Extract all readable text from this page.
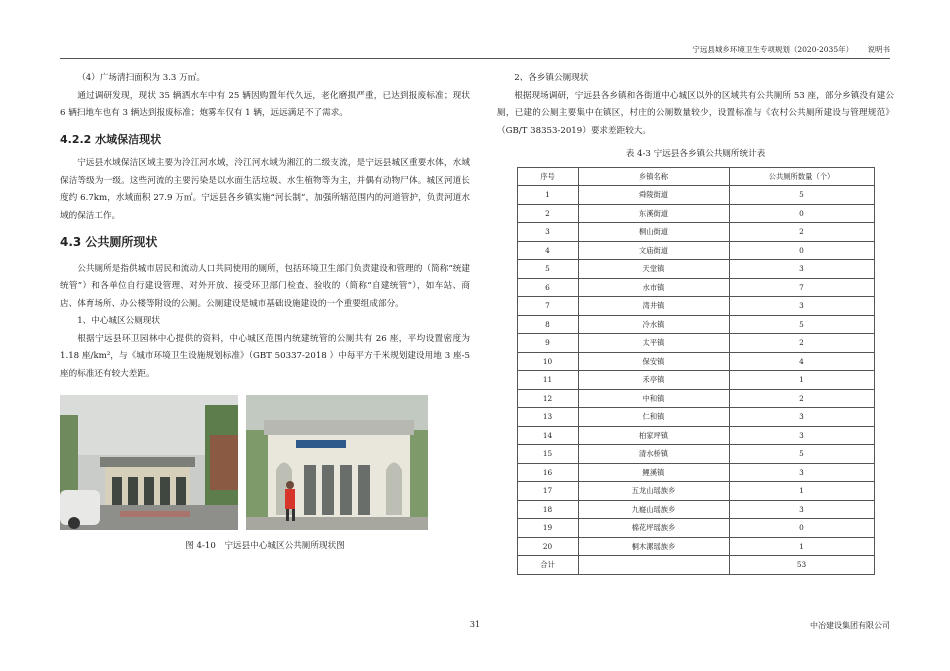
宁远县城乡环境卫生专项规划（2020-2035年） 说明书

（4）广场清扫面积为 3.3 万㎡。

通过调研发现，现状 35 辆洒水车中有 25 辆因购置年代久远，老化磨损严重，已达到报废标准；现状 6 辆扫地车也有 3 辆达到报废标准；炮雾车仅有 1 辆，远远满足不了需求。

4.2.2 水域保洁现状

宁远县水域保洁区域主要为泠江河水域，泠江河水域为湘江的二级支流，是宁远县城区重要水体，水域保洁等级为一级。这些河流的主要污染是以水面生活垃圾、水生植物等为主，并偶有动物尸体。城区河道长度约 6.7km，水域面积 27.9 万㎡。宁远县各乡镇实施“河长制”，加强所辖范围内的河道管护，负责河道水域的保洁工作。

4.3 公共厕所现状

公共厕所是指供城市居民和流动人口共同使用的厕所，包括环境卫生部门负责建设和管理的（简称“统建统管”）和各单位自行建设管理、对外开放、接受环卫部门检查、验收的（简称“自建统管”），如车站、商店、体育场所、办公楼等附设的公厕。公厕建设是城市基础设施建设的一个重要组成部分。

1、中心城区公厕现状

根据宁远县环卫园林中心提供的资料，中心城区范围内统建统管的公厕共有 26 座，平均设置密度为 1.18 座/km²，与《城市环境卫生设施规划标准》（GBT 50337-2018 ）中每平方千米规划建设用地 3 座-5 座的标准还有较大差距。

图 4-10　宁远县中心城区公共厕所现状图

2、各乡镇公厕现状

根据现场调研，宁远县各乡镇和各街道中心城区以外的区域共有公共厕所 53 座，部分乡镇没有建公厕，已建的公厕主要集中在镇区，村庄的公厕数量较少，设置标准与《农村公共厕所建设与管理规范》（GB/T 38353-2019）要求差距较大。

表 4-3 宁远县各乡镇公共厕所统计表
序号	乡镇名称	公共厕所数量（个）
1	舜陵街道	5
2	东溪街道	0
3	桐山街道	2
4	文庙街道	0
5	天堂镇	3
6	水市镇	7
7	湾井镇	3
8	冷水镇	5
9	太平镇	2
10	保安镇	4
11	禾亭镇	1
12	中和镇	2
13	仁和镇	3
14	柏家坪镇	3
15	清水桥镇	5
16	鲤溪镇	3
17	五龙山瑶族乡	1
18	九嶷山瑶族乡	3
19	棉花坪瑶族乡	0
20	桐木漯瑶族乡	1
合计		53
31	中冶建设集团有限公司
